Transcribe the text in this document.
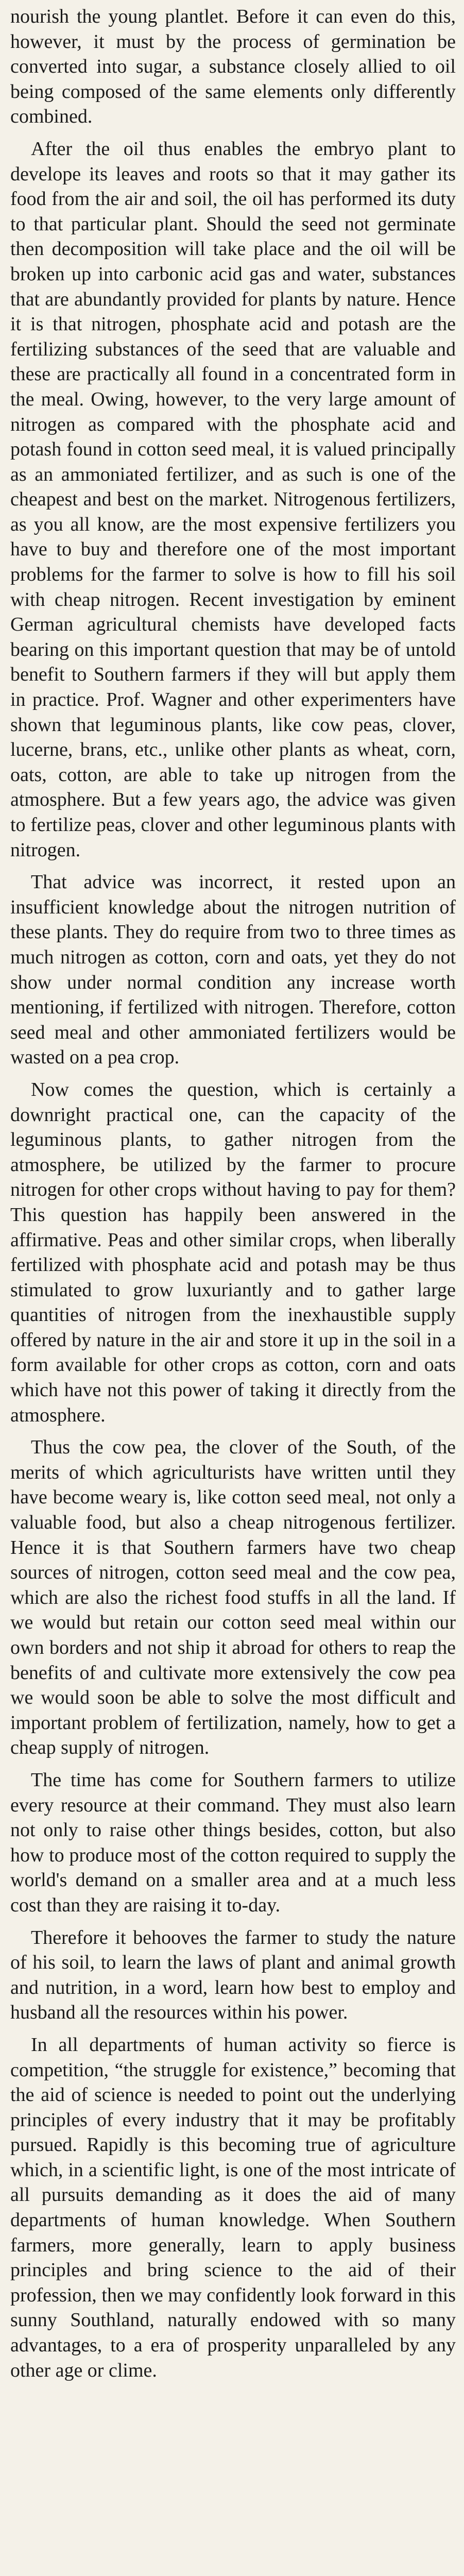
nourish the young plantlet. Before it can even do this, however, it must by the process of germination be converted into sugar, a substance closely allied to oil being composed of the same elements only differently combined.

After the oil thus enables the embryo plant to develope its leaves and roots so that it may gather its food from the air and soil, the oil has performed its duty to that particular plant. Should the seed not germinate then decomposition will take place and the oil will be broken up into carbonic acid gas and water, substances that are abundantly provided for plants by nature. Hence it is that nitrogen, phosphate acid and potash are the fertilizing substances of the seed that are valuable and these are practically all found in a concentrated form in the meal. Owing, however, to the very large amount of nitrogen as compared with the phosphate acid and potash found in cotton seed meal, it is valued principally as an ammoniated fertilizer, and as such is one of the cheapest and best on the market. Nitrogenous fertilizers, as you all know, are the most expensive fertilizers you have to buy and therefore one of the most important problems for the farmer to solve is how to fill his soil with cheap nitrogen. Recent investigation by eminent German agricultural chemists have developed facts bearing on this important question that may be of untold benefit to Southern farmers if they will but apply them in practice. Prof. Wagner and other experimenters have shown that leguminous plants, like cow peas, clover, lucerne, brans, etc., unlike other plants as wheat, corn, oats, cotton, are able to take up nitrogen from the atmosphere. But a few years ago, the advice was given to fertilize peas, clover and other leguminous plants with nitrogen.

That advice was incorrect, it rested upon an insufficient knowledge about the nitrogen nutrition of these plants. They do require from two to three times as much nitrogen as cotton, corn and oats, yet they do not show under normal condition any increase worth mentioning, if fertilized with nitrogen. Therefore, cotton seed meal and other ammoniated fertilizers would be wasted on a pea crop.

Now comes the question, which is certainly a downright practical one, can the capacity of the leguminous plants, to gather nitrogen from the atmosphere, be utilized by the farmer to procure nitrogen for other crops without having to pay for them? This question has happily been answered in the affirmative. Peas and other similar crops, when liberally fertilized with phosphate acid and potash may be thus stimulated to grow luxuriantly and to gather large quantities of nitrogen from the inexhaustible supply offered by nature in the air and store it up in the soil in a form available for other crops as cotton, corn and oats which have not this power of taking it directly from the atmosphere.

Thus the cow pea, the clover of the South, of the merits of which agriculturists have written until they have become weary is, like cotton seed meal, not only a valuable food, but also a cheap nitrogenous fertilizer. Hence it is that Southern farmers have two cheap sources of nitrogen, cotton seed meal and the cow pea, which are also the richest food stuffs in all the land. If we would but retain our cotton seed meal within our own borders and not ship it abroad for others to reap the benefits of and cultivate more extensively the cow pea we would soon be able to solve the most difficult and important problem of fertilization, namely, how to get a cheap supply of nitrogen.

The time has come for Southern farmers to utilize every resource at their command. They must also learn not only to raise other things besides, cotton, but also how to produce most of the cotton required to supply the world's demand on a smaller area and at a much less cost than they are raising it to-day.

Therefore it behooves the farmer to study the nature of his soil, to learn the laws of plant and animal growth and nutrition, in a word, learn how best to employ and husband all the resources within his power.

In all departments of human activity so fierce is competition, “the struggle for existence,” becoming that the aid of science is needed to point out the underlying principles of every industry that it may be profitably pursued. Rapidly is this becoming true of agriculture which, in a scientific light, is one of the most intricate of all pursuits demanding as it does the aid of many departments of human knowledge. When Southern farmers, more generally, learn to apply business principles and bring science to the aid of their profession, then we may confidently look forward in this sunny Southland, naturally endowed with so many advantages, to a era of prosperity unparalleled by any other age or clime.
